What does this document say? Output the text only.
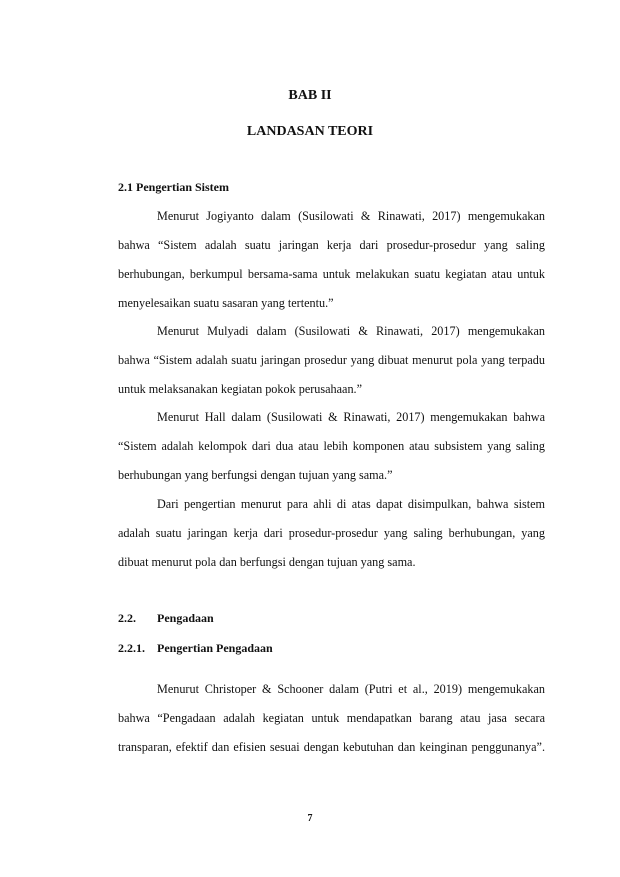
BAB II
LANDASAN TEORI
2.1 Pengertian Sistem
Menurut Jogiyanto dalam (Susilowati & Rinawati, 2017) mengemukakan
bahwa “Sistem adalah suatu jaringan kerja dari prosedur-prosedur yang saling
berhubungan, berkumpul bersama-sama untuk melakukan suatu kegiatan atau untuk
menyelesaikan suatu sasaran yang tertentu.”
Menurut Mulyadi dalam (Susilowati & Rinawati, 2017) mengemukakan
bahwa “Sistem adalah suatu jaringan prosedur yang dibuat menurut pola yang terpadu
untuk melaksanakan kegiatan pokok perusahaan.”
Menurut Hall dalam (Susilowati & Rinawati, 2017) mengemukakan bahwa
“Sistem adalah kelompok dari dua atau lebih komponen atau subsistem yang saling
berhubungan yang berfungsi dengan tujuan yang sama.”
Dari pengertian menurut para ahli di atas dapat disimpulkan, bahwa sistem
adalah suatu jaringan kerja dari prosedur-prosedur yang saling berhubungan, yang
dibuat menurut pola dan berfungsi dengan tujuan yang sama.
2.2. Pengadaan
2.2.1. Pengertian Pengadaan
Menurut Christoper & Schooner dalam (Putri et al., 2019) mengemukakan
bahwa “Pengadaan adalah kegiatan untuk mendapatkan barang atau jasa secara
transparan, efektif dan efisien sesuai dengan kebutuhan dan keinginan penggunanya”.
7
